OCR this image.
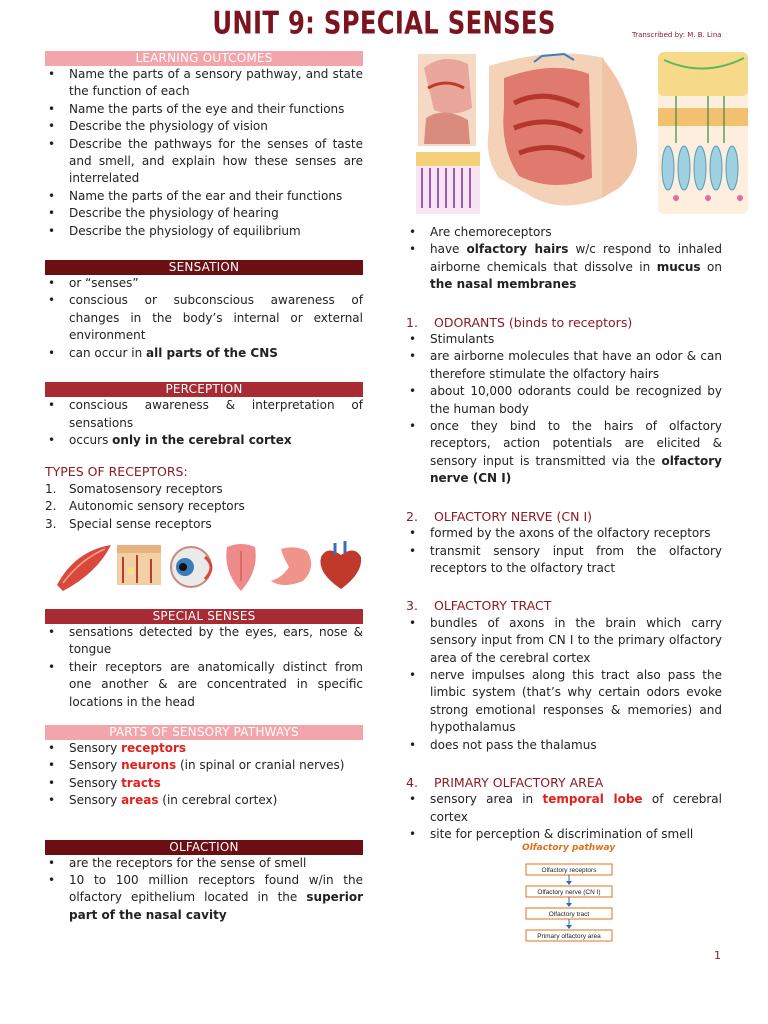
UNIT 9: SPECIAL SENSES	Transcribed by: M. B. Lina
LEARNING OUTCOMES
• Name the parts of a sensory pathway, and state the function of each
• Name the parts of the eye and their functions
• Describe the physiology of vision
• Describe the pathways for the senses of taste and smell, and explain how these senses are interrelated
• Name the parts of the ear and their functions
• Describe the physiology of hearing
• Describe the physiology of equilibrium
SENSATION
• or “senses”
• conscious or subconscious awareness of changes in the body’s internal or external environment
• can occur in all parts of the CNS
PERCEPTION
• conscious awareness & interpretation of sensations
• occurs only in the cerebral cortex
TYPES OF RECEPTORS:
1. Somatosensory receptors
2. Autonomic sensory receptors
3. Special sense receptors
SPECIAL SENSES
• sensations detected by the eyes, ears, nose & tongue
• their receptors are anatomically distinct from one another & are concentrated in specific locations in the head
PARTS OF SENSORY PATHWAYS
• Sensory receptors
• Sensory neurons (in spinal or cranial nerves)
• Sensory tracts
• Sensory areas (in cerebral cortex)
OLFACTION
• are the receptors for the sense of smell
• 10 to 100 million receptors found w/in the olfactory epithelium located in the superior part of the nasal cavity
• Are chemoreceptors
• have olfactory hairs w/c respond to inhaled airborne chemicals that dissolve in mucus on the nasal membranes
1. ODORANTS (binds to receptors)
• Stimulants
• are airborne molecules that have an odor & can therefore stimulate the olfactory hairs
• about 10,000 odorants could be recognized by the human body
• once they bind to the hairs of olfactory receptors, action potentials are elicited & sensory input is transmitted via the olfactory nerve (CN I)
2. OLFACTORY NERVE (CN I)
• formed by the axons of the olfactory receptors
• transmit sensory input from the olfactory receptors to the olfactory tract
3. OLFACTORY TRACT
• bundles of axons in the brain which carry sensory input from CN I to the primary olfactory area of the cerebral cortex
• nerve impulses along this tract also pass the limbic system (that’s why certain odors evoke strong emotional responses & memories) and hypothalamus
• does not pass the thalamus
4. PRIMARY OLFACTORY AREA
• sensory area in temporal lobe of cerebral cortex
• site for perception & discrimination of smell
Olfactory pathway
Olfactory receptors
Olfactory nerve (CN I)
Olfactory tract
Primary olfactory area
1
